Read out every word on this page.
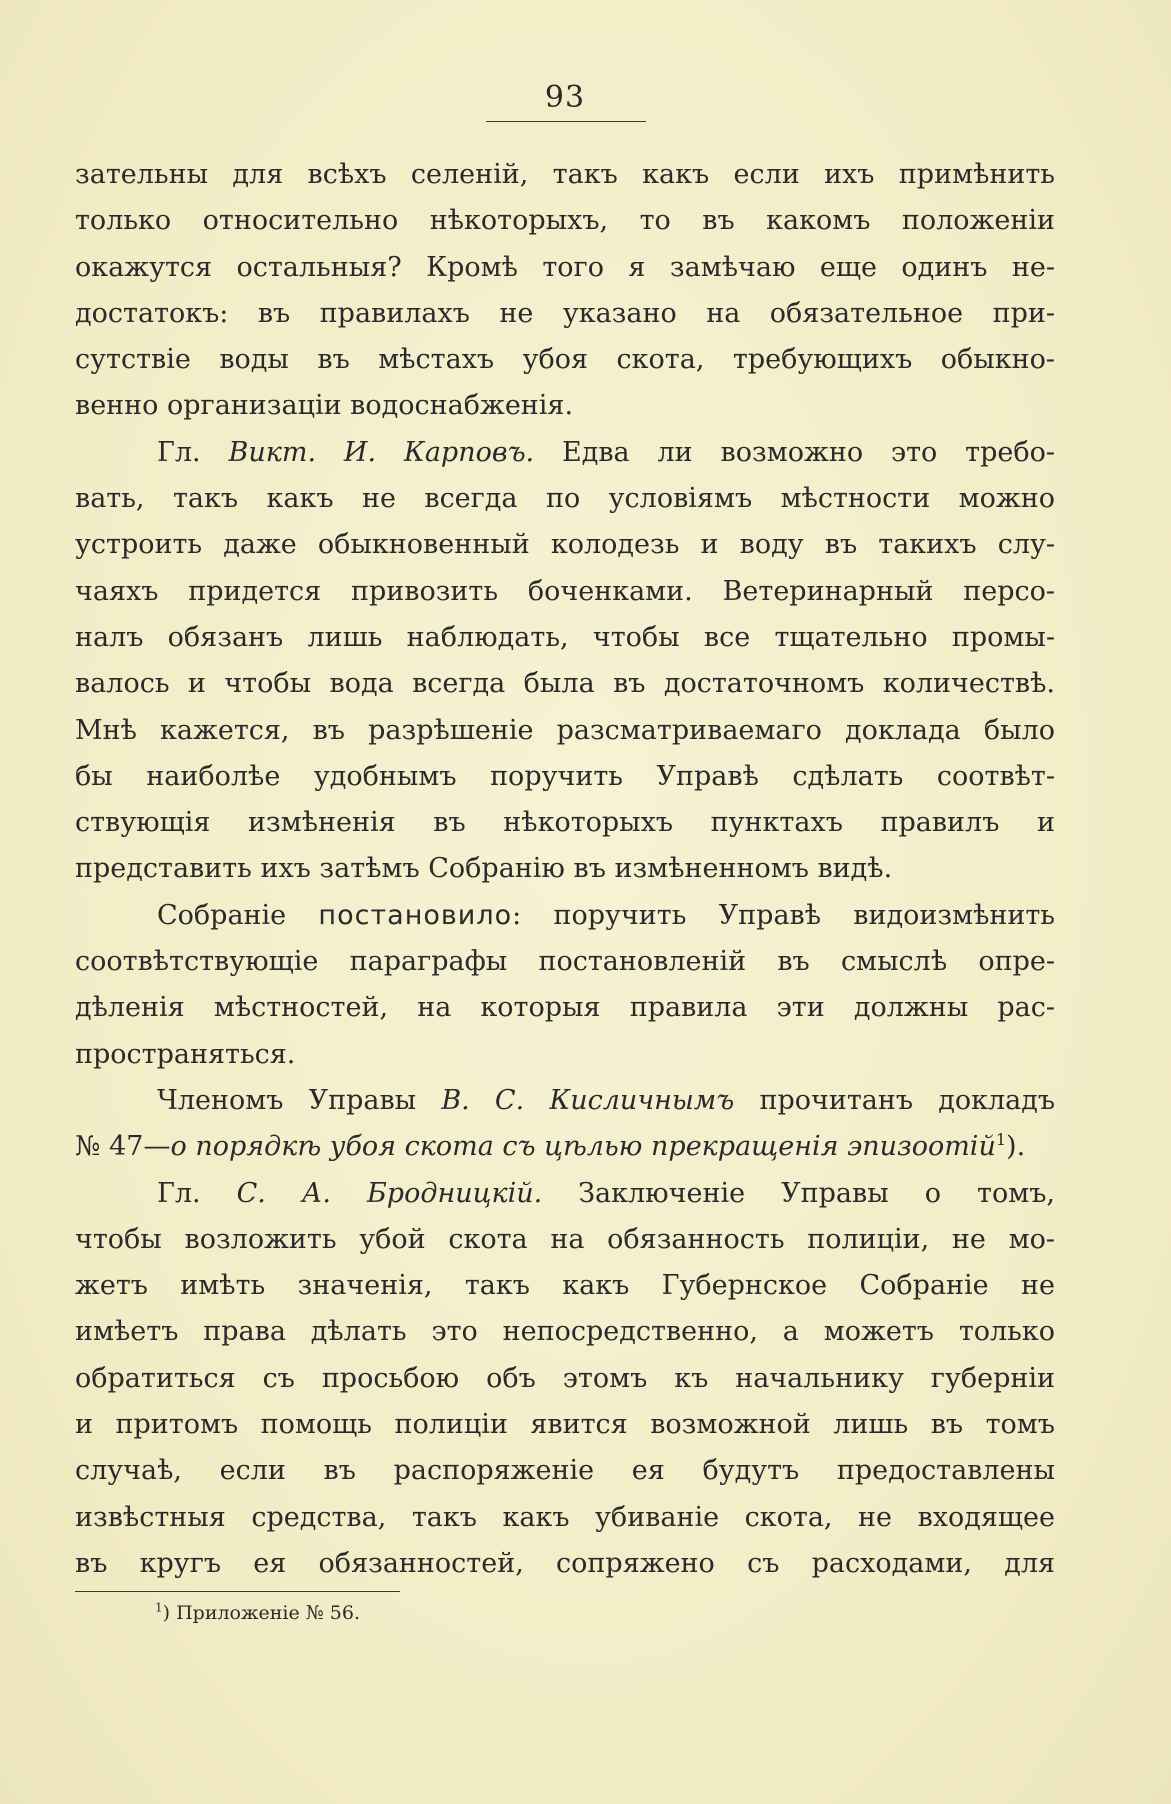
93
зательны для всѣхъ селеній, такъ какъ если ихъ примѣнить
только относительно нѣкоторыхъ, то въ какомъ положеніи
окажутся остальныя? Кромѣ того я замѣчаю еще одинъ не-
достатокъ: въ правилахъ не указано на обязательное при-
сутствіе воды въ мѣстахъ убоя скота, требующихъ обыкно-
венно организаціи водоснабженія.
Гл. Викт. И. Карповъ. Едва ли возможно это требо-
вать, такъ какъ не всегда по условіямъ мѣстности можно
устроить даже обыкновенный колодезь и воду въ такихъ слу-
чаяхъ придется привозить боченками. Ветеринарный персо-
налъ обязанъ лишь наблюдать, чтобы все тщательно промы-
валось и чтобы вода всегда была въ достаточномъ количествѣ.
Мнѣ кажется, въ разрѣшеніе разсматриваемаго доклада было
бы наиболѣе удобнымъ поручить Управѣ сдѣлать соотвѣт-
ствующія измѣненія въ нѣкоторыхъ пунктахъ правилъ и
представить ихъ затѣмъ Собранію въ измѣненномъ видѣ.
Собраніе постановило: поручить Управѣ видоизмѣнить
соотвѣтствующіе параграфы постановленій въ смыслѣ опре-
дѣленія мѣстностей, на которыя правила эти должны рас-
пространяться.
Членомъ Управы В. С. Кисличнымъ прочитанъ докладъ
№ 47—о порядкѣ убоя скота съ цѣлью прекращенія эпизоотій$^1$).
Гл. С. А. Бродницкій. Заключеніе Управы о томъ,
чтобы возложить убой скота на обязанность полиціи, не мо-
жетъ имѣть значенія, такъ какъ Губернское Собраніе не
имѣетъ права дѣлать это непосредственно, а можетъ только
обратиться съ просьбою объ этомъ къ начальнику губерніи
и притомъ помощь полиціи явится возможной лишь въ томъ
случаѣ, если въ распоряженіе ея будутъ предоставлены
извѣстныя средства, такъ какъ убиваніе скота, не входящее
въ кругъ ея обязанностей, сопряжено съ расходами, для
$^1$) Приложеніе № 56.
